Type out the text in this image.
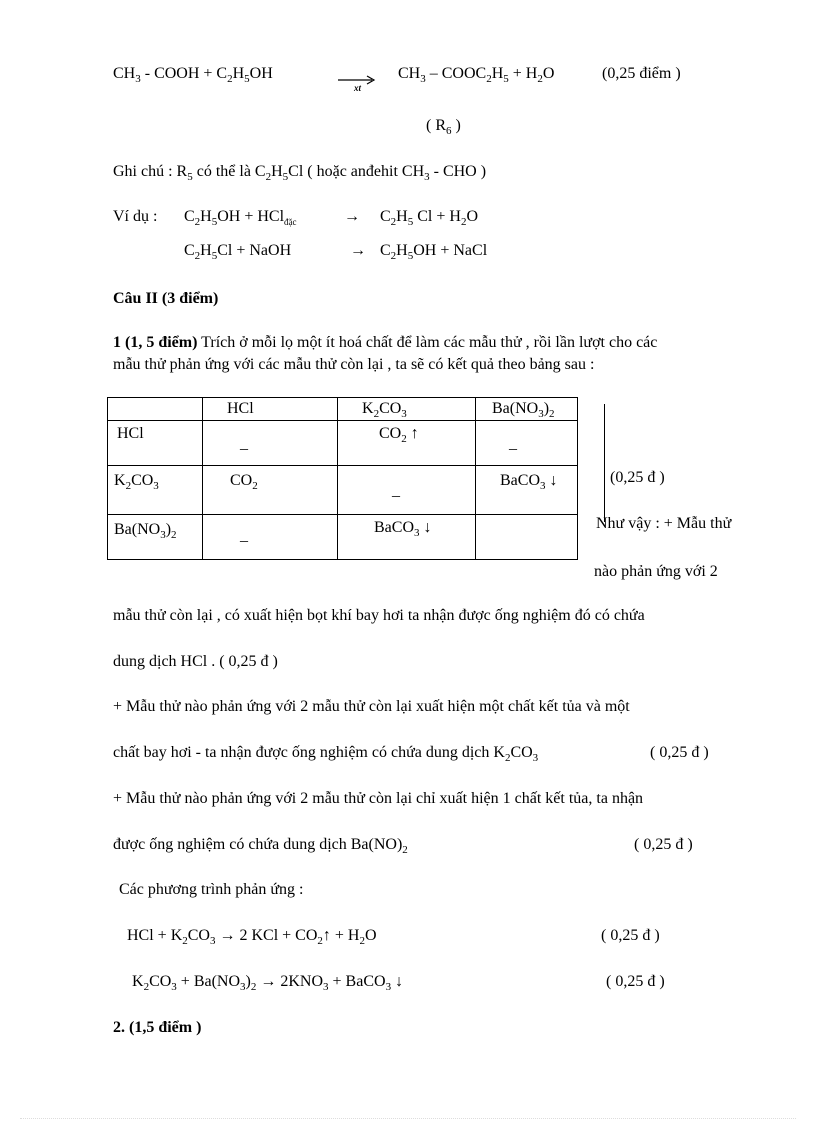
$CH_3$ - COOH + $C_2H_5OH$
xt
$CH_3$ – $COOC_2H_5 + H_2O$	(0,25 điểm )
( $R_6$ )
Ghi chú : $R_5$ có thể là $C_2H_5Cl$ ( hoặc anđehit $CH_3$ - CHO )
Ví dụ : $C_2H_5OH + HCl_{đặc}$	→ $C_2H_5$ $Cl + H_2O$
$C_2H_5Cl$ + NaOH	→ $C_2H_5OH$ + NaCl
Câu II (3 điểm)
1 (1, 5 điểm) Trích ở mỗi lọ một ít hoá chất để làm các mẫu thử , rồi lần lượt cho các
mẫu thử phản ứng với các mẫu thử còn lại , ta sẽ có kết quả theo bảng sau :

	HCl	$K_2CO_3$	$Ba(NO_3)_2$

HCl	_	$CO_2$ ↑	_

$K_2CO_3$	$CO_2$	_	BaCO$_3$ ↓

$Ba(NO_3)_2$	_	BaCO$_3$ ↓	

(0,25 đ )
Như vậy : + Mẫu thử
nào phản ứng với 2
mẫu thử còn lại , có xuất hiện bọt khí bay hơi ta nhận được ống nghiệm đó có chứa
dung dịch HCl . ( 0,25 đ )
+ Mẫu thử nào phản ứng với 2 mẫu thử còn lại xuất hiện một chất kết tủa và một
chất bay hơi - ta nhận được ống nghiệm có chứa dung dịch $K_2CO_3$	( 0,25 đ )
+ Mẫu thử nào phản ứng với 2 mẫu thử còn lại chỉ xuất hiện 1 chất kết tủa, ta nhận
được ống nghiệm có chứa dung dịch $Ba(NO)_2$	( 0,25 đ )
Các phương trình phản ứng :
HCl + $K_2CO_3 \to 2$ KCl + $CO_2↑ + H_2O$	( 0,25 đ )
$K_2CO_3 + Ba(NO_3)_2 \to 2KNO_3$ + BaCO$_3$ ↓	( 0,25 đ )
2. (1,5 điểm )
